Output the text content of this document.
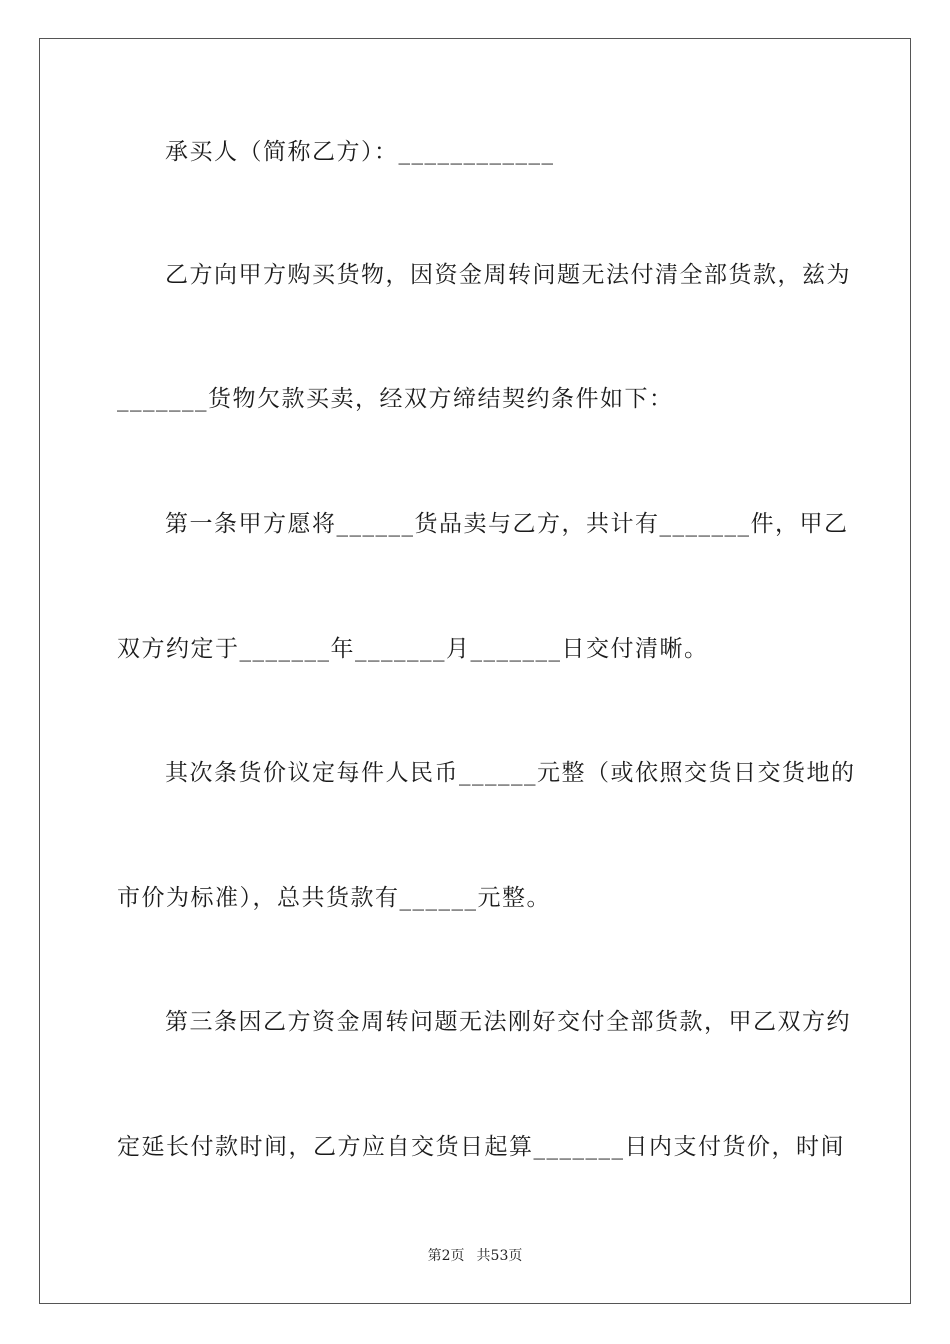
承买人（简称乙方）：____________
乙方向甲方购买货物，因资金周转问题无法付清全部货款，兹为
_______货物欠款买卖，经双方缔结契约条件如下：
第一条甲方愿将______货品卖与乙方，共计有_______件，甲乙
双方约定于_______年_______月_______日交付清晰。
其次条货价议定每件人民币______元整（或依照交货日交货地的
市价为标准），总共货款有______元整。
第三条因乙方资金周转问题无法刚好交付全部货款，甲乙双方约
定延长付款时间，乙方应自交货日起算_______日内支付货价，时间
第2页 共53页
